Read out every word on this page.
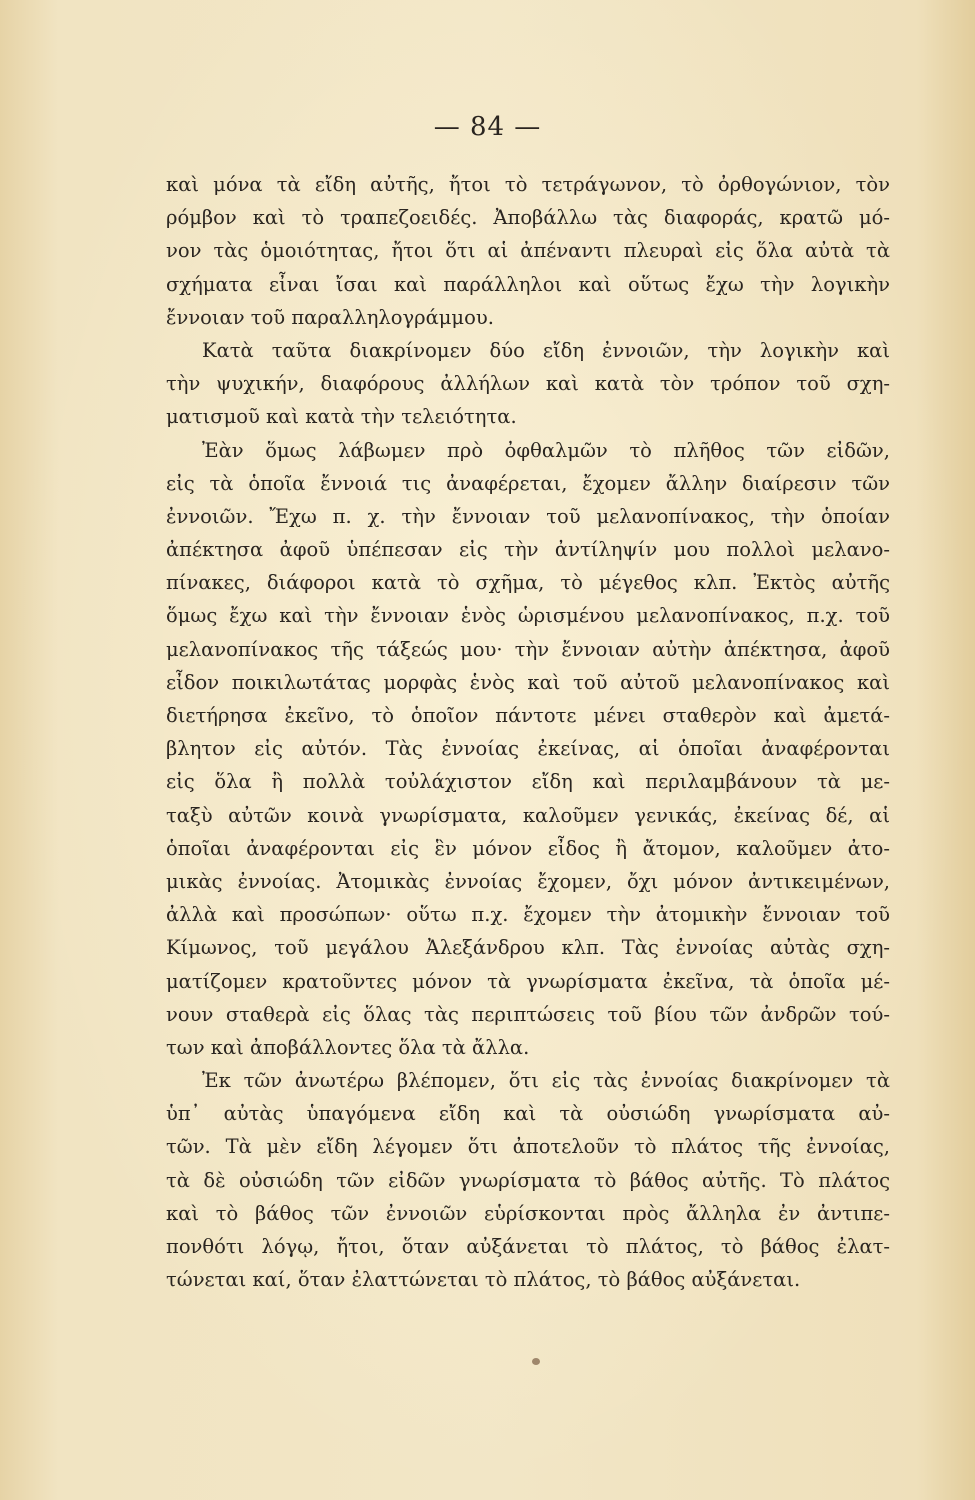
— 84 —
καὶ μόνα τὰ εἴδη αὐτῆς, ἤτοι τὸ τετράγωνον, τὸ ὀρθογώνιον, τὸν
ρόμβον καὶ τὸ τραπεζοειδές. Ἀποβάλλω τὰς διαφοράς, κρατῶ μό-
νον τὰς ὁμοιότητας, ἤτοι ὅτι αἱ ἀπέναντι πλευραὶ εἰς ὅλα αὐτὰ τὰ
σχήματα εἶναι ἴσαι καὶ παράλληλοι καὶ οὕτως ἔχω τὴν λογικὴν
ἔννοιαν τοῦ παραλληλογράμμου.
Κατὰ ταῦτα διακρίνομεν δύο εἴδη ἐννοιῶν, τὴν λογικὴν καὶ
τὴν ψυχικήν, διαφόρους ἀλλήλων καὶ κατὰ τὸν τρόπον τοῦ σχη-
ματισμοῦ καὶ κατὰ τὴν τελειότητα.
Ἐὰν ὅμως λάβωμεν πρὸ ὀφθαλμῶν τὸ πλῆθος τῶν εἰδῶν,
εἰς τὰ ὁποῖα ἔννοιά τις ἀναφέρεται, ἔχομεν ἄλλην διαίρεσιν τῶν
ἐννοιῶν. Ἔχω π. χ. τὴν ἔννοιαν τοῦ μελανοπίνακος, τὴν ὁποίαν
ἀπέκτησα ἀφοῦ ὑπέπεσαν εἰς τὴν ἀντίληψίν μου πολλοὶ μελανο-
πίνακες, διάφοροι κατὰ τὸ σχῆμα, τὸ μέγεθος κλπ. Ἐκτὸς αὐτῆς
ὅμως ἔχω καὶ τὴν ἔννοιαν ἑνὸς ὡρισμένου μελανοπίνακος, π.χ. τοῦ
μελανοπίνακος τῆς τάξεώς μου· τὴν ἔννοιαν αὐτὴν ἀπέκτησα, ἀφοῦ
εἶδον ποικιλωτάτας μορφὰς ἑνὸς καὶ τοῦ αὐτοῦ μελανοπίνακος καὶ
διετήρησα ἐκεῖνο, τὸ ὁποῖον πάντοτε μένει σταθερὸν καὶ ἀμετά-
βλητον εἰς αὐτόν. Τὰς ἐννοίας ἐκείνας, αἱ ὁποῖαι ἀναφέρονται
εἰς ὅλα ἢ πολλὰ τοὐλάχιστον εἴδη καὶ περιλαμβάνουν τὰ με-
ταξὺ αὐτῶν κοινὰ γνωρίσματα, καλοῦμεν γενικάς, ἐκείνας δέ, αἱ
ὁποῖαι ἀναφέρονται εἰς ἓν μόνον εἶδος ἢ ἄτομον, καλοῦμεν ἀτο-
μικὰς ἐννοίας. Ἀτομικὰς ἐννοίας ἔχομεν, ὄχι μόνον ἀντικειμένων,
ἀλλὰ καὶ προσώπων· οὕτω π.χ. ἔχομεν τὴν ἀτομικὴν ἔννοιαν τοῦ
Κίμωνος, τοῦ μεγάλου Ἀλεξάνδρου κλπ. Τὰς ἐννοίας αὐτὰς σχη-
ματίζομεν κρατοῦντες μόνον τὰ γνωρίσματα ἐκεῖνα, τὰ ὁποῖα μέ-
νουν σταθερὰ εἰς ὅλας τὰς περιπτώσεις τοῦ βίου τῶν ἀνδρῶν τού-
των καὶ ἀποβάλλοντες ὅλα τὰ ἄλλα.
Ἐκ τῶν ἀνωτέρω βλέπομεν, ὅτι εἰς τὰς ἐννοίας διακρίνομεν τὰ
ὑπ᾿ αὐτὰς ὑπαγόμενα εἴδη καὶ τὰ οὐσιώδη γνωρίσματα αὐ-
τῶν. Τὰ μὲν εἴδη λέγομεν ὅτι ἀποτελοῦν τὸ πλάτος τῆς ἐννοίας,
τὰ δὲ οὐσιώδη τῶν εἰδῶν γνωρίσματα τὸ βάθος αὐτῆς. Τὸ πλάτος
καὶ τὸ βάθος τῶν ἐννοιῶν εὑρίσκονται πρὸς ἄλληλα ἐν ἀντιπε-
πονθότι λόγῳ, ἤτοι, ὅταν αὐξάνεται τὸ πλάτος, τὸ βάθος ἐλατ-
τώνεται καί, ὅταν ἐλαττώνεται τὸ πλάτος, τὸ βάθος αὐξάνεται.
